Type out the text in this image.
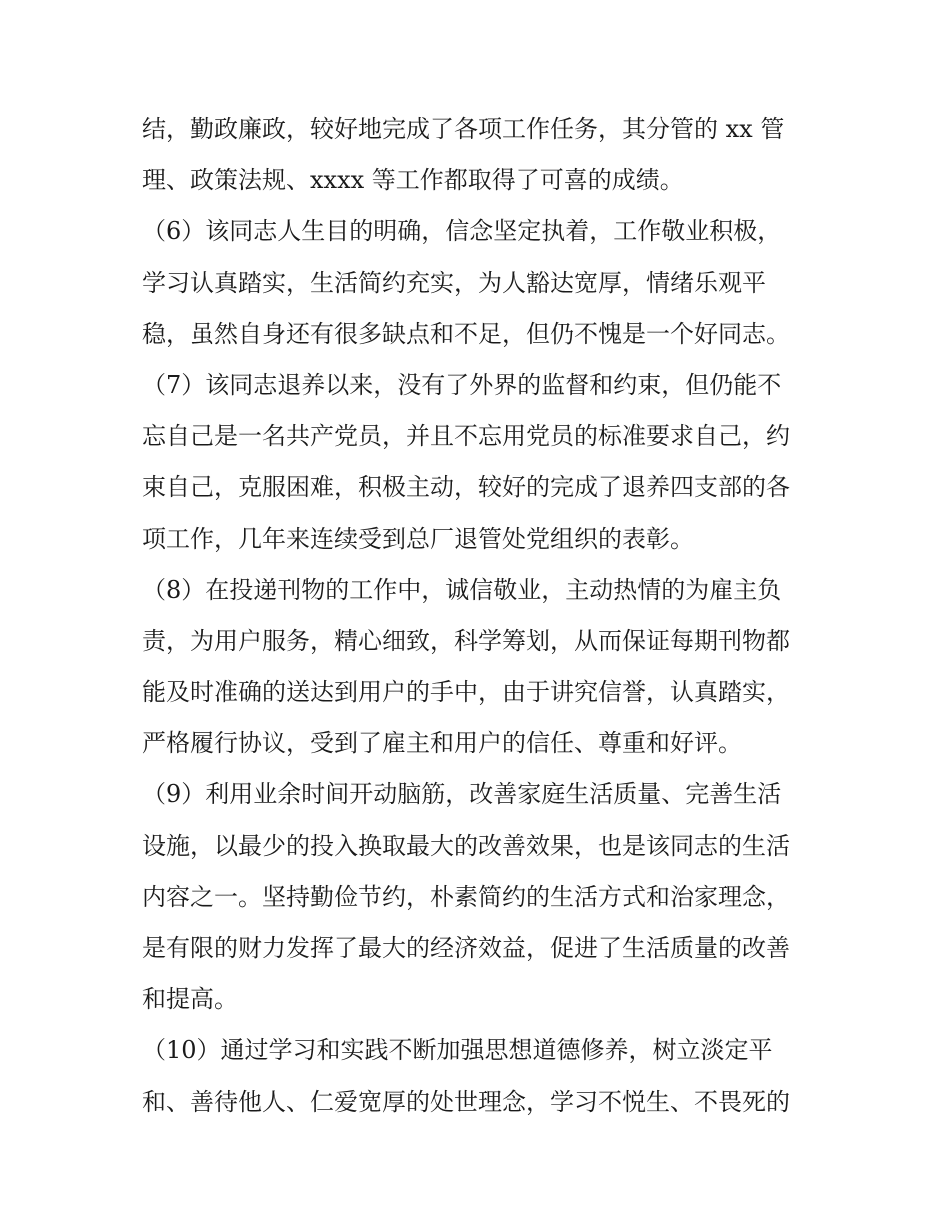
结，勤政廉政，较好地完成了各项工作任务，其分管的 xx 管
理、政策法规、xxxx 等工作都取得了可喜的成绩。
（6）该同志人生目的明确，信念坚定执着，工作敬业积极，
学习认真踏实，生活简约充实，为人豁达宽厚，情绪乐观平
稳，虽然自身还有很多缺点和不足，但仍不愧是一个好同志。
（7）该同志退养以来，没有了外界的监督和约束，但仍能不
忘自己是一名共产党员，并且不忘用党员的标准要求自己，约
束自己，克服困难，积极主动，较好的完成了退养四支部的各
项工作，几年来连续受到总厂退管处党组织的表彰。
（8）在投递刊物的工作中，诚信敬业，主动热情的为雇主负
责，为用户服务，精心细致，科学筹划，从而保证每期刊物都
能及时准确的送达到用户的手中，由于讲究信誉，认真踏实，
严格履行协议，受到了雇主和用户的信任、尊重和好评。
（9）利用业余时间开动脑筋，改善家庭生活质量、完善生活
设施，以最少的投入换取最大的改善效果，也是该同志的生活
内容之一。坚持勤俭节约，朴素简约的生活方式和治家理念，
是有限的财力发挥了最大的经济效益，促进了生活质量的改善
和提高。
（10）通过学习和实践不断加强思想道德修养，树立淡定平
和、善待他人、仁爱宽厚的处世理念，学习不悦生、不畏死的
